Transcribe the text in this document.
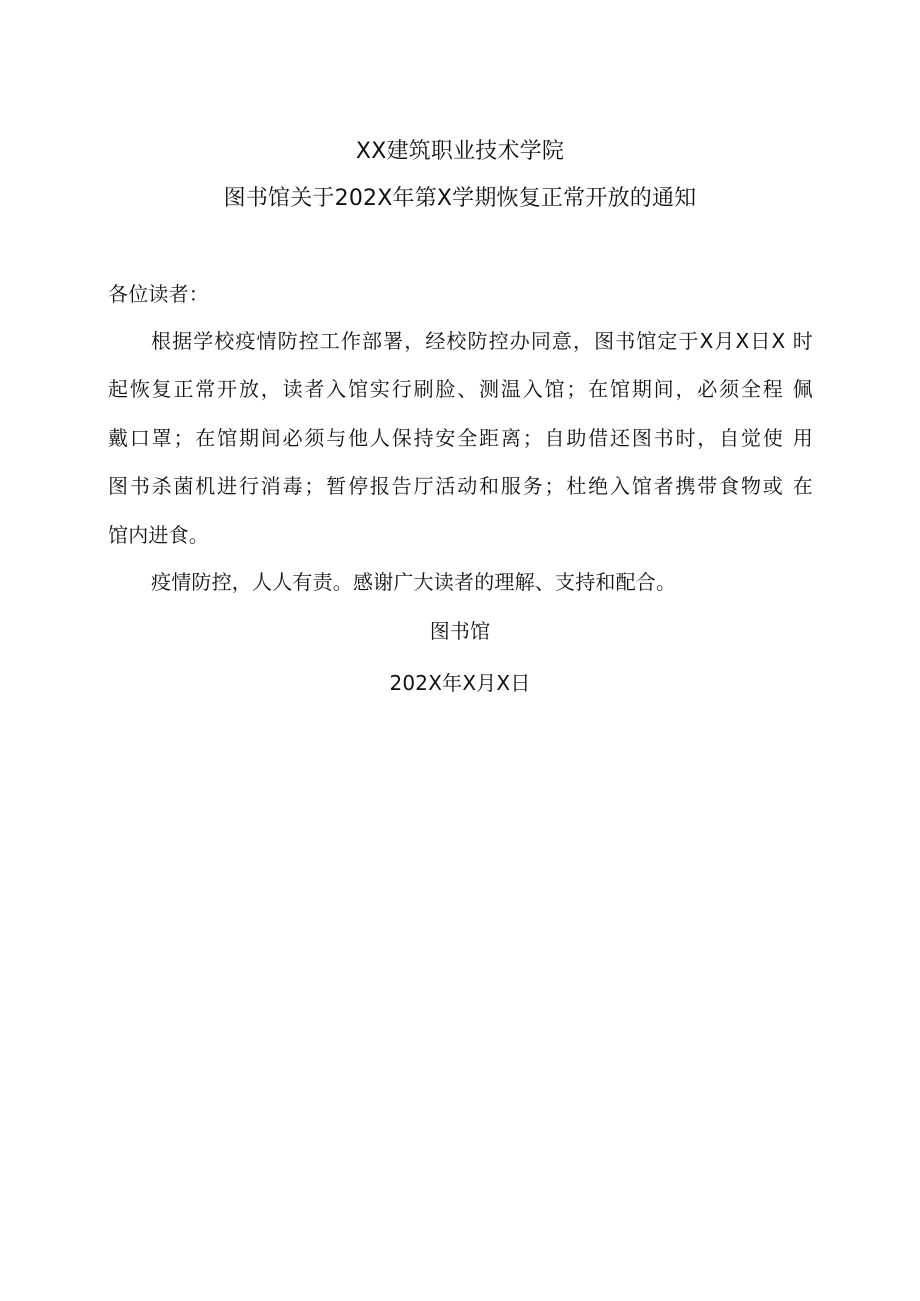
XX建筑职业技术学院
图书馆关于202X年第X学期恢复正常开放的通知
各位读者：
根据学校疫情防控工作部署，经校防控办同意，图书馆定于X月X日X 时
起恢复正常开放，读者入馆实行刷脸、测温入馆；在馆期间，必须全程 佩
戴口罩；在馆期间必须与他人保持安全距离；自助借还图书时，自觉使 用
图书杀菌机进行消毒；暂停报告厅活动和服务；杜绝入馆者携带食物或 在
馆内进食。
疫情防控，人人有责。感谢广大读者的理解、支持和配合。
图书馆
202X年X月X日
